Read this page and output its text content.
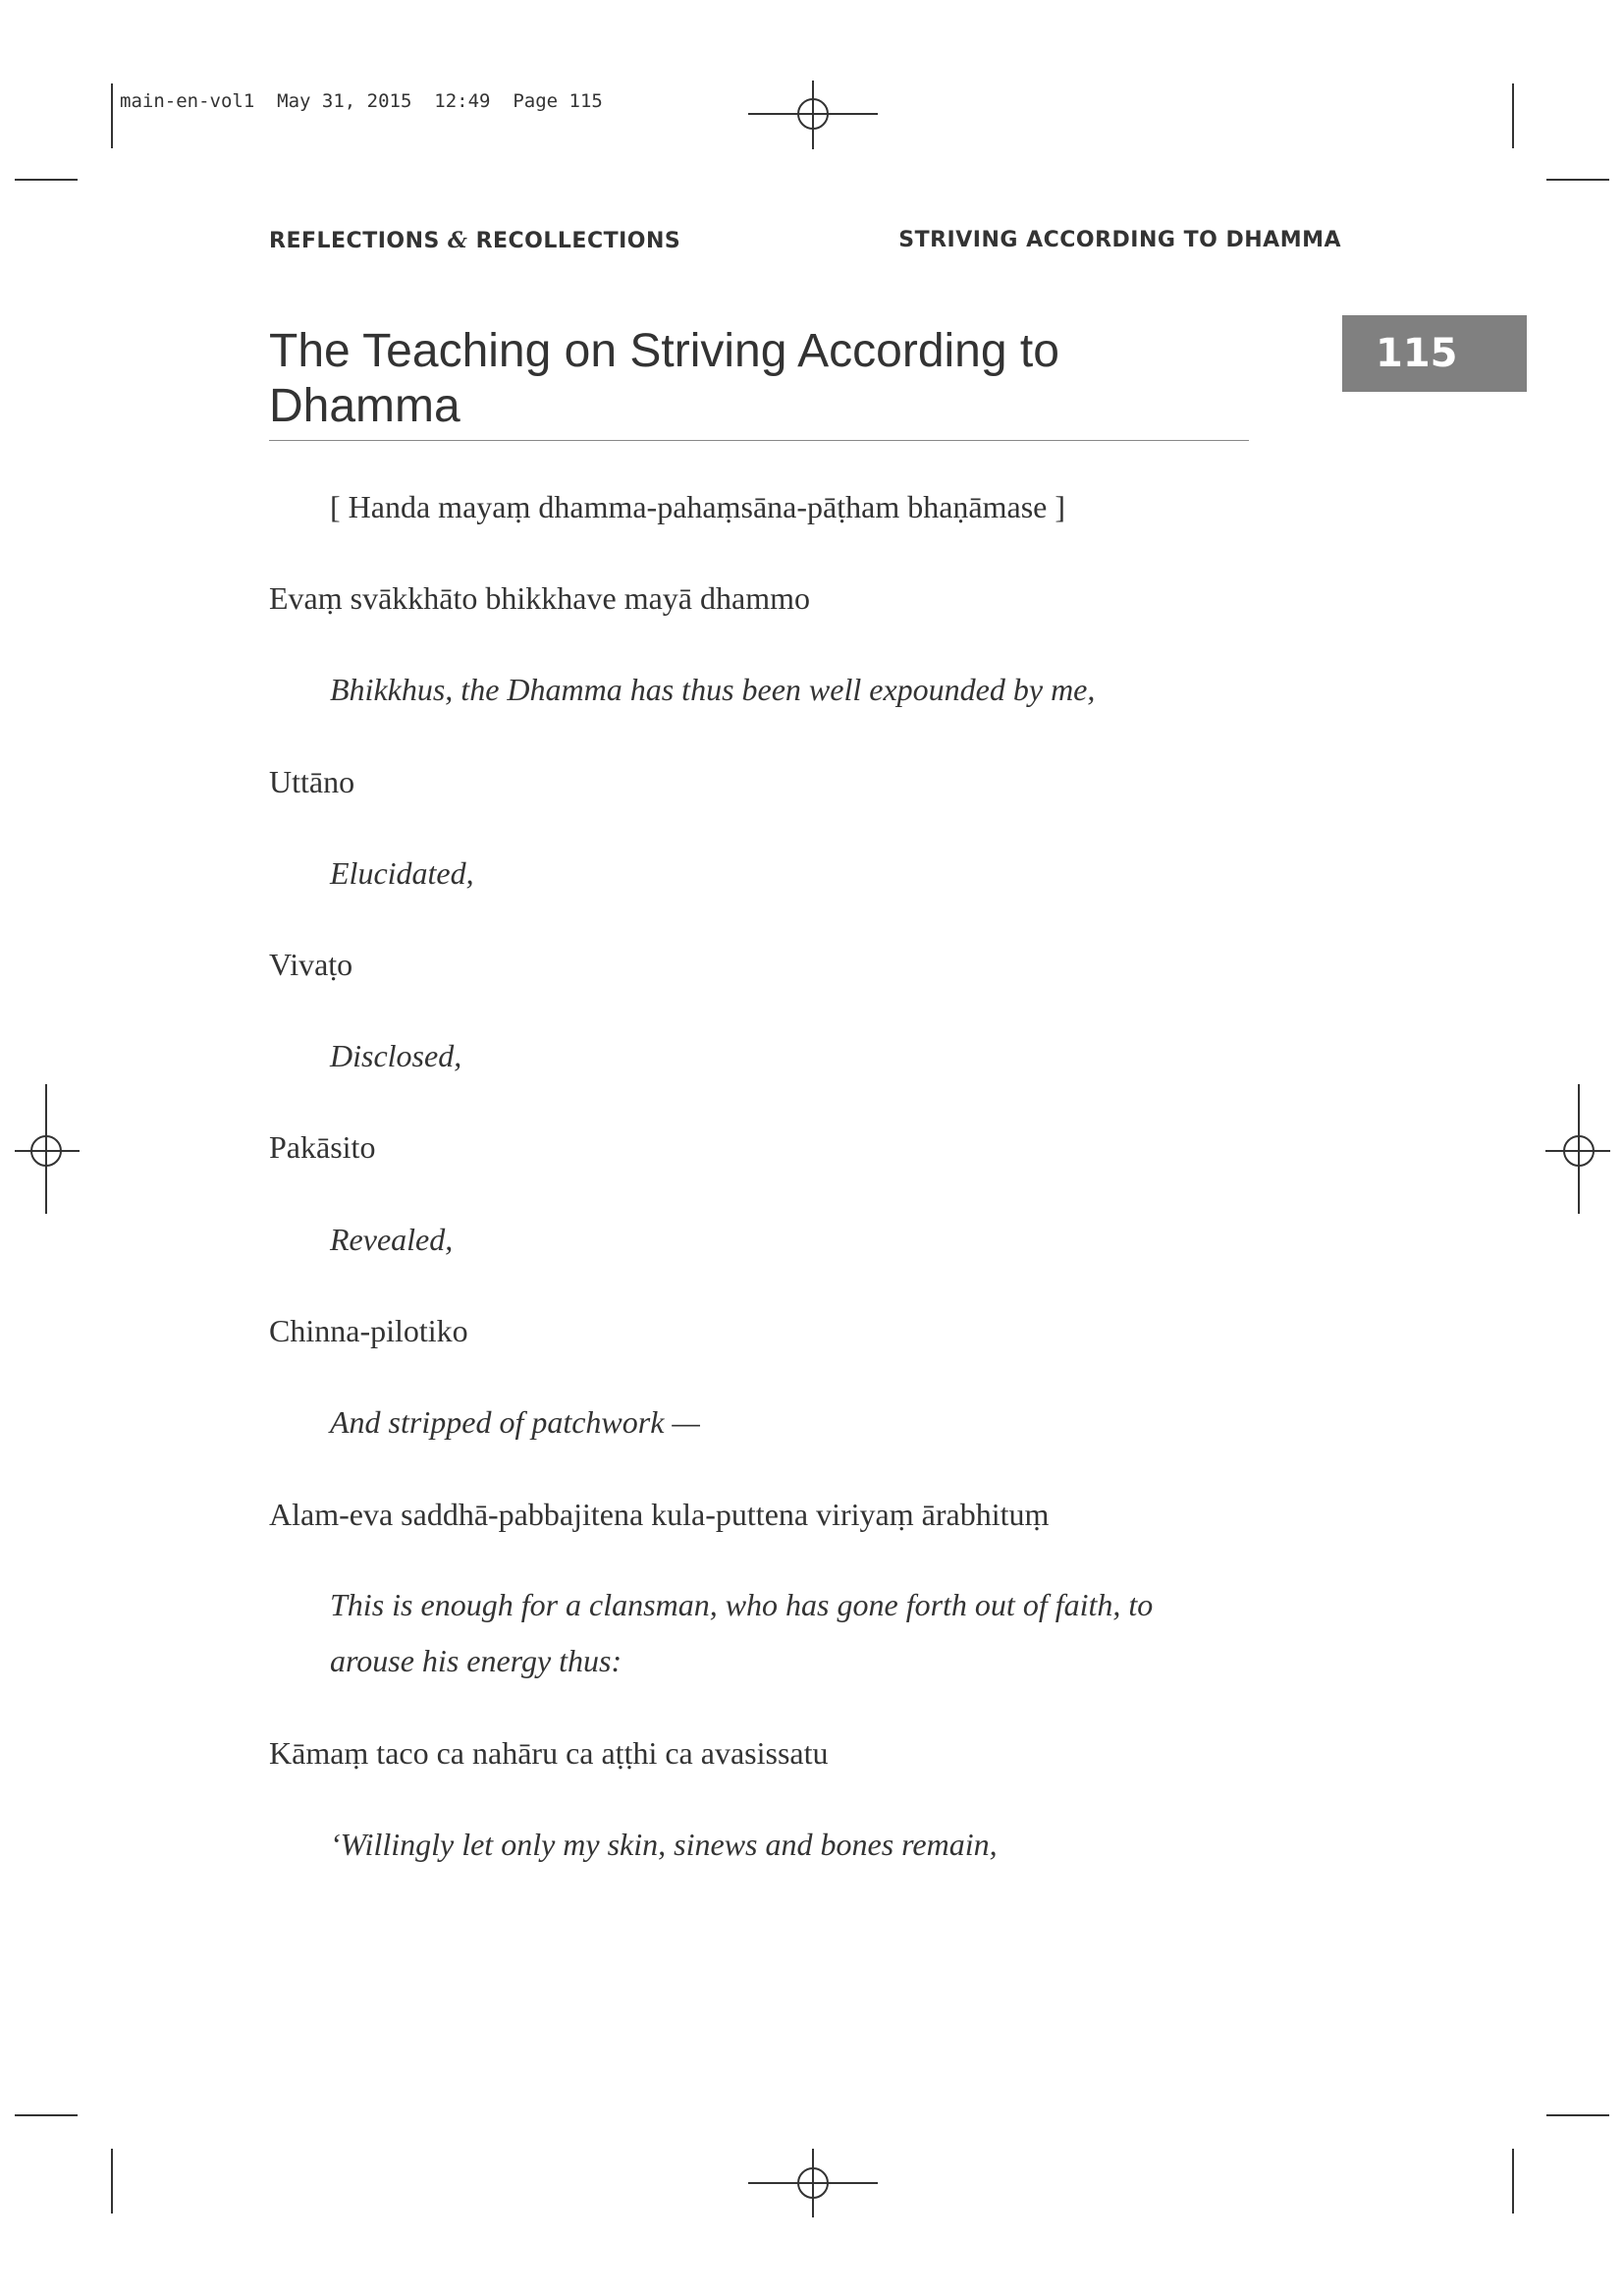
main-en-vol1  May 31, 2015  12:49  Page 115
REFLECTIONS & RECOLLECTIONS	STRIVING ACCORDING TO DHAMMA
The Teaching on Striving According to Dhamma
115
[ Handa mayaṃ dhamma-pahaṃsāna-pāṭham bhaṇāmase ]
Evaṃ svākkhāto bhikkhave mayā dhammo
Bhikkhus, the Dhamma has thus been well expounded by me,
Uttāno
Elucidated,
Vivaṭo
Disclosed,
Pakāsito
Revealed,
Chinna-pilotiko
And stripped of patchwork —
Alam-eva saddhā-pabbajitena kula-puttena viriyaṃ ārabhituṃ
This is enough for a clansman, who has gone forth out of faith, to arouse his energy thus:
Kāmaṃ taco ca nahāru ca aṭṭhi ca avasissatu
‘Willingly let only my skin, sinews and bones remain,
